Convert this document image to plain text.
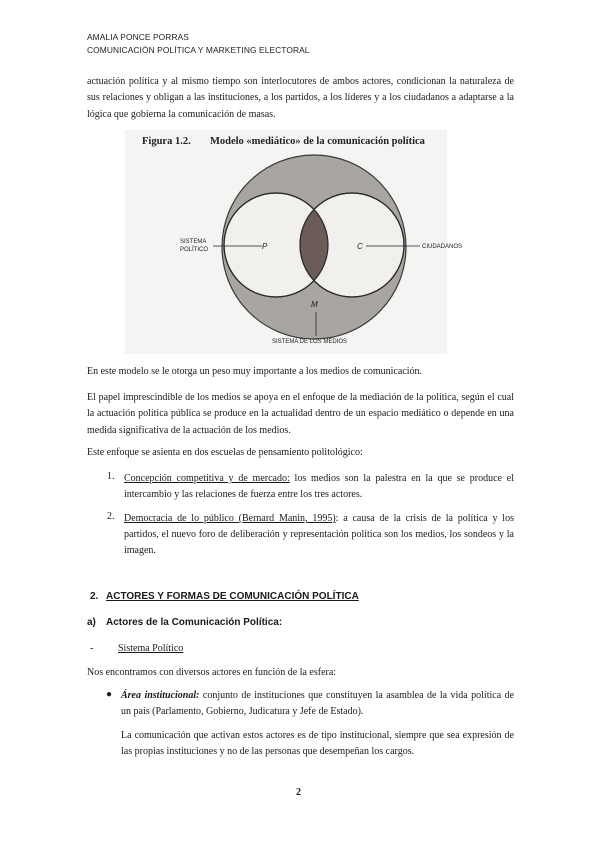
AMALIA PONCE PORRAS
COMUNICACIÓN POLÍTICA Y MARKETING ELECTORAL

actuación política y al mismo tiempo son interlocutores de ambos actores, condicionan la naturaleza de sus relaciones y obligan a las instituciones, a los partidos, a los líderes y a los ciudadanos a adaptarse a la lógica que gobierna la comunicación de masas.

Figura 1.2. Modelo «mediático» de la comunicación política
SISTEMA
POLÍTICO	P	C	CIUDADANOS
M
SISTEMA DE LOS MEDIOS

En este modelo se le otorga un peso muy importante a los medios de comunicación.

El papel imprescindible de los medios se apoya en el enfoque de la mediación de la política, según el cual la actuación política pública se produce en la actualidad dentro de un espacio mediático o depende en una medida significativa de la actuación de los medios.

Este enfoque se asienta en dos escuelas de pensamiento politológico:

1. Concepción competitiva y de mercado: los medios son la palestra en la que se produce el intercambio y las relaciones de fuerza entre los tres actores.
2. Democracia de lo público (Bernard Manin, 1995): a causa de la crisis de la política y los partidos, el nuevo foro de deliberación y representación política son los medios, los sondeos y la imagen.
2. ACTORES Y FORMAS DE COMUNICACIÓN POLÍTICA
a) Actores de la Comunicación Política:
- Sistema Político

Nos encontramos con diversos actores en función de la esfera:

● Área institucional: conjunto de instituciones que constituyen la asamblea de la vida política de un país (Parlamento, Gobierno, Judicatura y Jefe de Estado).

La comunicación que activan estos actores es de tipo institucional, siempre que sea expresión de las propias instituciones y no de las personas que desempeñan los cargos.

2
